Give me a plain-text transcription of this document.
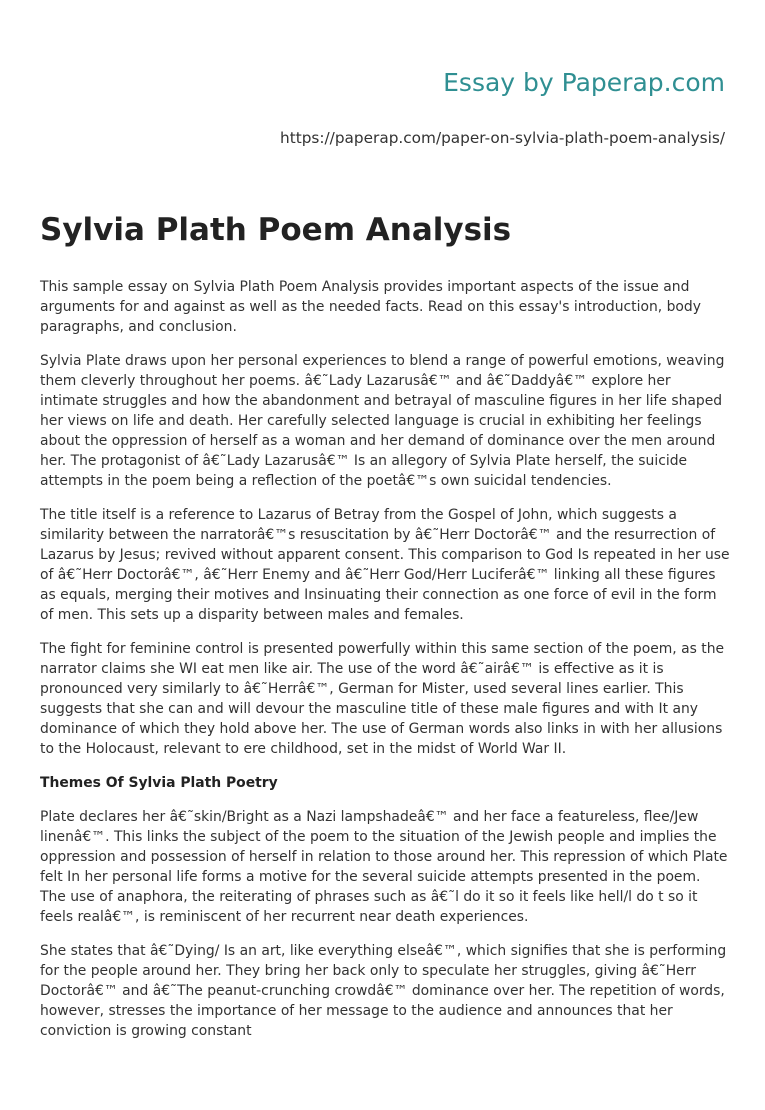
Essay by Paperap.com
https://paperap.com/paper-on-sylvia-plath-poem-analysis/
Sylvia Plath Poem Analysis

This sample essay on Sylvia Plath Poem Analysis provides important aspects of the issue and arguments for and against as well as the needed facts. Read on this essay's introduction, body paragraphs, and conclusion.

Sylvia Plate draws upon her personal experiences to blend a range of powerful emotions, weaving them cleverly throughout her poems. â€˜Lady Lazarusâ€™ and â€˜Daddyâ€™ explore her intimate struggles and how the abandonment and betrayal of masculine figures in her life shaped her views on life and death. Her carefully selected language is crucial in exhibiting her feelings about the oppression of herself as a woman and her demand of dominance over the men around her. The protagonist of â€˜Lady Lazarusâ€™ Is an allegory of Sylvia Plate herself, the suicide attempts in the poem being a reflection of the poetâ€™s own suicidal tendencies.

The title itself is a reference to Lazarus of Betray from the Gospel of John, which suggests a similarity between the narratorâ€™s resuscitation by â€˜Herr Doctorâ€™ and the resurrection of Lazarus by Jesus; revived without apparent consent. This comparison to God Is repeated in her use of â€˜Herr Doctorâ€™, â€˜Herr Enemy and â€˜Herr God/Herr Luciferâ€™ linking all these figures as equals, merging their motives and Insinuating their connection as one force of evil in the form of men. This sets up a disparity between males and females.

The fight for feminine control is presented powerfully within this same section of the poem, as the narrator claims she WI eat men like air. The use of the word â€˜airâ€™ is effective as it is pronounced very similarly to â€˜Herrâ€™, German for Mister, used several lines earlier. This suggests that she can and will devour the masculine title of these male figures and with It any dominance of which they hold above her. The use of German words also links in with her allusions to the Holocaust, relevant to ere childhood, set in the midst of World War II.

Themes Of Sylvia Plath Poetry

Plate declares her â€˜skin/Bright as a Nazi lampshadeâ€™ and her face a featureless, flee/Jew linenâ€™. This links the subject of the poem to the situation of the Jewish people and implies the oppression and possession of herself in relation to those around her. This repression of which Plate felt In her personal life forms a motive for the several suicide attempts presented in the poem. The use of anaphora, the reiterating of phrases such as â€˜l do it so it feels like hell/l do t so it feels realâ€™, is reminiscent of her recurrent near death experiences.

She states that â€˜Dying/ Is an art, like everything elseâ€™, which signifies that she is performing for the people around her. They bring her back only to speculate her struggles, giving â€˜Herr Doctorâ€™ and â€˜The peanut-crunching crowdâ€™ dominance over her. The repetition of words, however, stresses the importance of her message to the audience and announces that her conviction is growing constant
